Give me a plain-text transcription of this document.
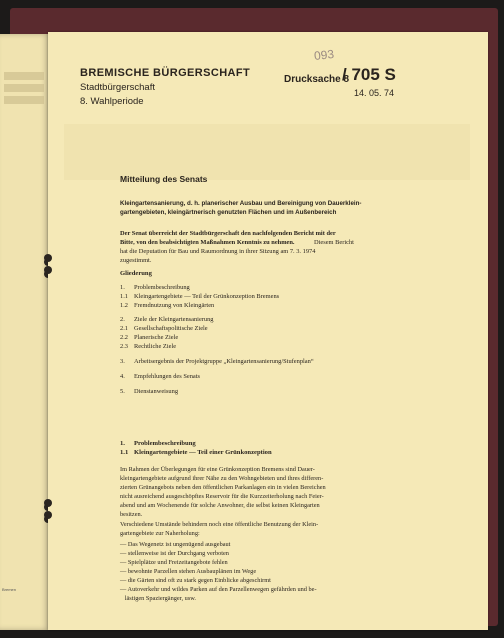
Bremen
093
BREMISCHE BÜRGERSCHAFT
Stadtbürgerschaft
8. Wahlperiode
Drucksache 8
/ 705 S
14. 05. 74
Mitteilung des Senats
Kleingartensanierung, d. h. planerischer Ausbau und Bereinigung von Dauerklein-
gartengebieten, kleingärtnerisch genutzten Flächen und im Außenbereich
Der Senat überreicht der Stadtbürgerschaft den nachfolgenden Bericht mit der
Bitte, von den beabsichtigten Maßnahmen Kenntnis zu nehmen.	Diesem Bericht
hat die Deputation für Bau und Raumordnung in ihrer Sitzung am 7. 3. 1974
zugestimmt.
Gliederung
1. Problembeschreibung
1.1 Kleingartengebiete — Teil der Grünkonzeption Bremens
1.2 Fremdnutzung von Kleingärten
2. Ziele der Kleingartensanierung
2.1 Gesellschaftspolitische Ziele
2.2 Planerische Ziele
2.3 Rechtliche Ziele
3. Arbeitsergebnis der Projektgruppe „Kleingartensanierung/Stufenplan“
4. Empfehlungen des Senats
5. Dienstanweisung
1. Problembeschreibung
1.1 Kleingartengebiete — Teil einer Grünkonzeption
Im Rahmen der Überlegungen für eine Grünkonzeption Bremens sind Dauer-
kleingartengebiete aufgrund ihrer Nähe zu den Wohngebieten und ihres differen-
zierten Grünangebots neben den öffentlichen Parkanlagen ein in vielen Bereichen
nicht ausreichend ausgeschöpftes Reservoir für die Kurzzeiterholung nach Feier-
abend und am Wochenende für solche Anwohner, die selbst keinen Kleingarten
besitzen.
Verschiedene Umstände behindern noch eine öffentliche Benutzung der Klein-
gartengebiete zur Naherholung:
— Das Wegenetz ist ungenügend ausgebaut
— stellenweise ist der Durchgang verboten
— Spielplätze und Freizeitangebote fehlen
— bewohnte Parzellen stehen Ausbauplänen im Wege
— die Gärten sind oft zu stark gegen Einblicke abgeschirmt
— Autoverkehr und wildes Parken auf den Parzellenwegen gefährden und be-
lästigen Spaziergänger, usw.
